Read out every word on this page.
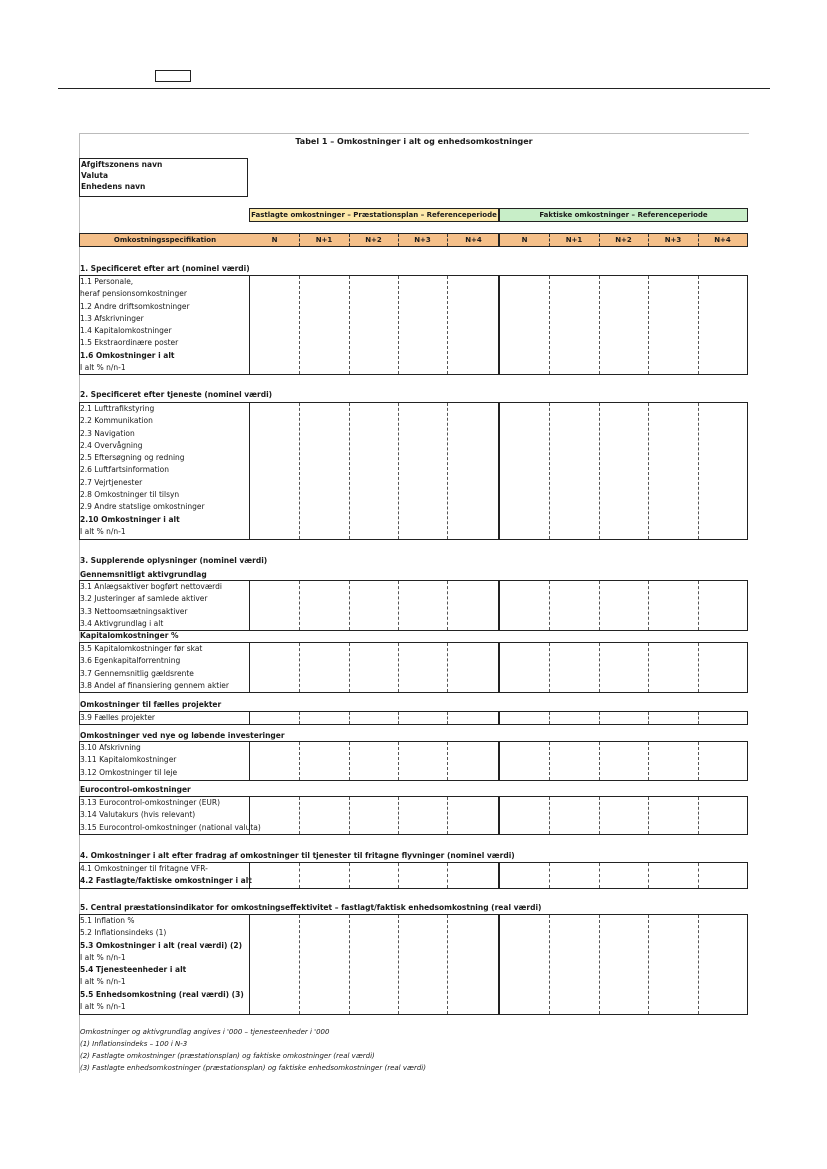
Tabel 1 – Omkostninger i alt og enhedsomkostninger
Afgiftszonens navn
Valuta
Enhedens navn
Fastlagte omkostninger – Præstationsplan – Referenceperiode	Faktiske omkostninger – Referenceperiode
Omkostningsspecifikation	N	N+1	N+2	N+3	N+4	N	N+1	N+2	N+3	N+4
1. Specificeret efter art (nominel værdi)
1.1 Personale,
heraf pensionsomkostninger
1.2 Andre driftsomkostninger
1.3 Afskrivninger
1.4 Kapitalomkostninger
1.5 Ekstraordinære poster
1.6 Omkostninger i alt
I alt % n/n-1
2. Specificeret efter tjeneste (nominel værdi)
2.1 Lufttrafikstyring
2.2 Kommunikation
2.3 Navigation
2.4 Overvågning
2.5 Eftersøgning og redning
2.6 Luftfartsinformation
2.7 Vejrtjenester
2.8 Omkostninger til tilsyn
2.9 Andre statslige omkostninger
2.10 Omkostninger i alt
I alt % n/n-1
3. Supplerende oplysninger (nominel værdi)
Gennemsnitligt aktivgrundlag
3.1 Anlægsaktiver bogført nettoværdi
3.2 Justeringer af samlede aktiver
3.3 Nettoomsætningsaktiver
3.4 Aktivgrundlag i alt
Kapitalomkostninger %
3.5 Kapitalomkostninger før skat
3.6 Egenkapitalforrentning
3.7 Gennemsnitlig gældsrente
3.8 Andel af finansiering gennem aktier
Omkostninger til fælles projekter
3.9 Fælles projekter
Omkostninger ved nye og løbende investeringer
3.10 Afskrivning
3.11 Kapitalomkostninger
3.12 Omkostninger til leje
Eurocontrol-omkostninger
3.13 Eurocontrol-omkostninger (EUR)
3.14 Valutakurs (hvis relevant)
3.15 Eurocontrol-omkostninger (national valuta)
4. Omkostninger i alt efter fradrag af omkostninger til tjenester til fritagne flyvninger (nominel værdi)
4.1 Omkostninger til fritagne VFR-
4.2 Fastlagte/faktiske omkostninger i alt
5. Central præstationsindikator for omkostningseffektivitet – fastlagt/faktisk enhedsomkostning (real værdi)
5.1 Inflation %
5.2 Inflationsindeks (1)
5.3 Omkostninger i alt (real værdi) (2)
I alt % n/n-1
5.4 Tjenesteenheder i alt
I alt % n/n-1
5.5 Enhedsomkostning (real værdi) (3)
I alt % n/n-1
Omkostninger og aktivgrundlag angives i '000 – tjenesteenheder i '000
(1) Inflationsindeks – 100 i N-3
(2) Fastlagte omkostninger (præstationsplan) og faktiske omkostninger (real værdi)
(3) Fastlagte enhedsomkostninger (præstationsplan) og faktiske enhedsomkostninger (real værdi)
